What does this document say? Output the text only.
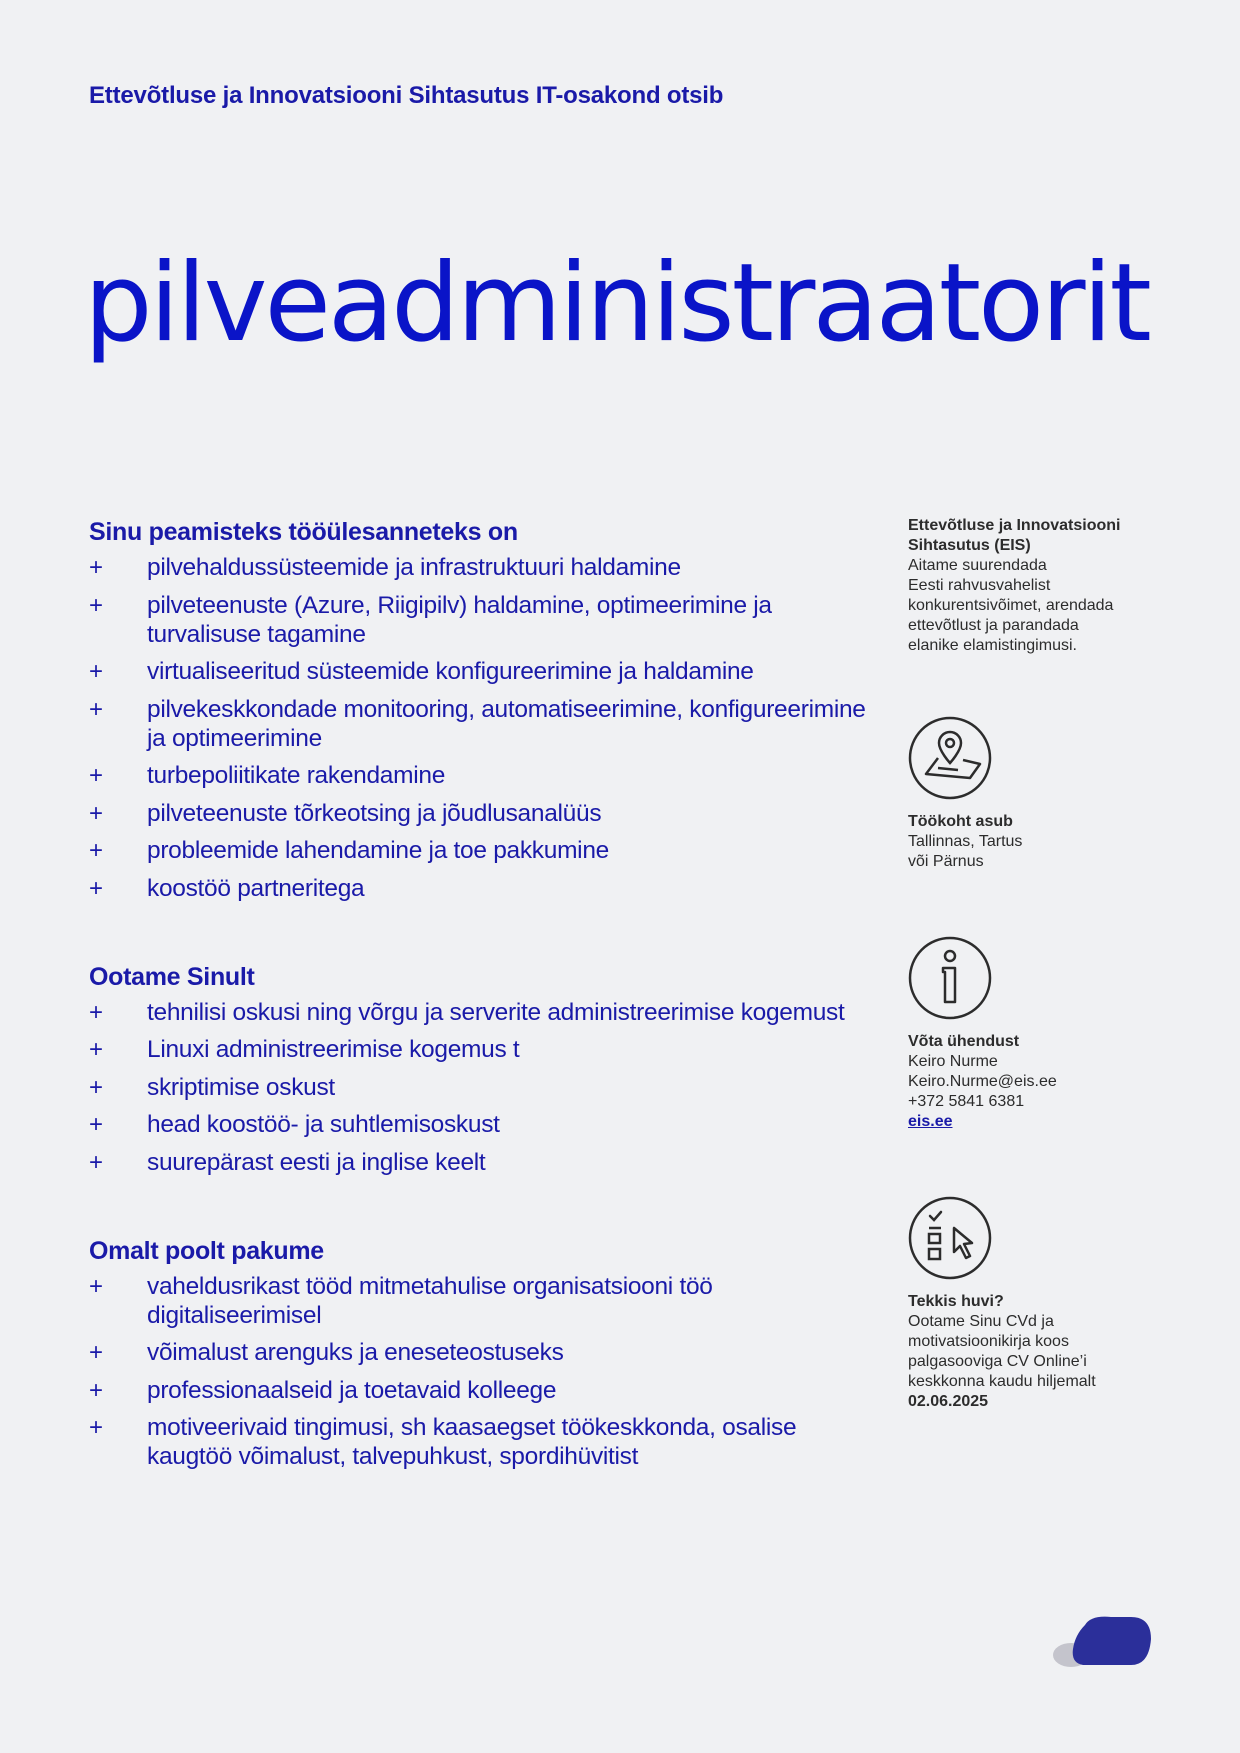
Ettevõtluse ja Innovatsiooni Sihtasutus IT-osakond otsib
pilveadministraatorit
Sinu peamisteks tööülesanneteks on
+ pilvehaldussüsteemide ja infrastruktuuri haldamine
+ pilveteenuste (Azure, Riigipilv) haldamine, optimeerimine ja turvalisuse tagamine
+ virtualiseeritud süsteemide konfigureerimine ja haldamine
+ pilvekeskkondade monitooring, automatiseerimine, konfigureerimine ja optimeerimine
+ turbepoliitikate rakendamine
+ pilveteenuste tõrkeotsing ja jõudlusanalüüs
+ probleemide lahendamine ja toe pakkumine
+ koostöö partneritega
Ootame Sinult
+ tehnilisi oskusi ning võrgu ja serverite administreerimise kogemust
+ Linuxi administreerimise kogemus t
+ skriptimise oskust
+ head koostöö- ja suhtlemisoskust
+ suurepärast eesti ja inglise keelt
Omalt poolt pakume
+ vaheldusrikast tööd mitmetahulise organisatsiooni töö digitaliseerimisel
+ võimalust arenguks ja eneseteostuseks
+ professionaalseid ja toetavaid kolleege
+ motiveerivaid tingimusi, sh kaasaegset töökeskkonda, osalise kaugtöö võimalust, talvepuhkust, spordihüvitist

Ettevõtluse ja Innovatsiooni

Sihtasutus (EIS)

Aitame suurendada

Eesti rahvusvahelist

konkurentsivõimet, arendada

ettevõtlust ja parandada

elanike elamistingimusi.

Töökoht asub

Tallinnas, Tartus

või Pärnus

Võta ühendust

Keiro Nurme

Keiro.Nurme@eis.ee

+372 5841 6381

eis.ee

Tekkis huvi?

Ootame Sinu CVd ja

motivatsioonikirja koos

palgasooviga CV Online’i

keskkonna kaudu hiljemalt

02.06.2025
